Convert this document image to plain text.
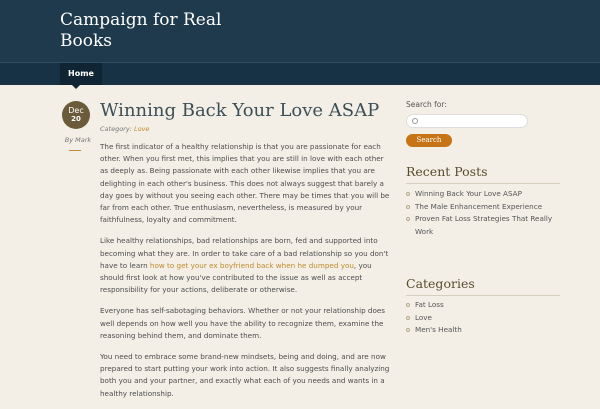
Campaign for Real Books
Home
Dec
20
By Mark
Winning Back Your Love ASAP
Category: Love

The first indicator of a healthy relationship is that you are passionate for each other. When you first met, this implies that you are still in love with each other as deeply as. Being passionate with each other likewise implies that you are delighting in each other's business. This does not always suggest that barely a day goes by without you seeing each other. There may be times that you will be far from each other. True enthusiasm, nevertheless, is measured by your faithfulness, loyalty and commitment.

Like healthy relationships, bad relationships are born, fed and supported into becoming what they are. In order to take care of a bad relationship so you don't have to learn how to get your ex boyfriend back when he dumped you, you should first look at how you've contributed to the issue as well as accept responsibility for your actions, deliberate or otherwise.

Everyone has self-sabotaging behaviors. Whether or not your relationship does well depends on how well you have the ability to recognize them, examine the reasoning behind them, and dominate them.

You need to embrace some brand-new mindsets, being and doing, and are now prepared to start putting your work into action. It also suggests finally analyzing both you and your partner, and exactly what each of you needs and wants in a healthy relationship.

Search for:
Search
Recent Posts
Winning Back Your Love ASAP
The Male Enhancement Experience
Proven Fat Loss Strategies That Really Work
Categories
Fat Loss
Love
Men's Health
